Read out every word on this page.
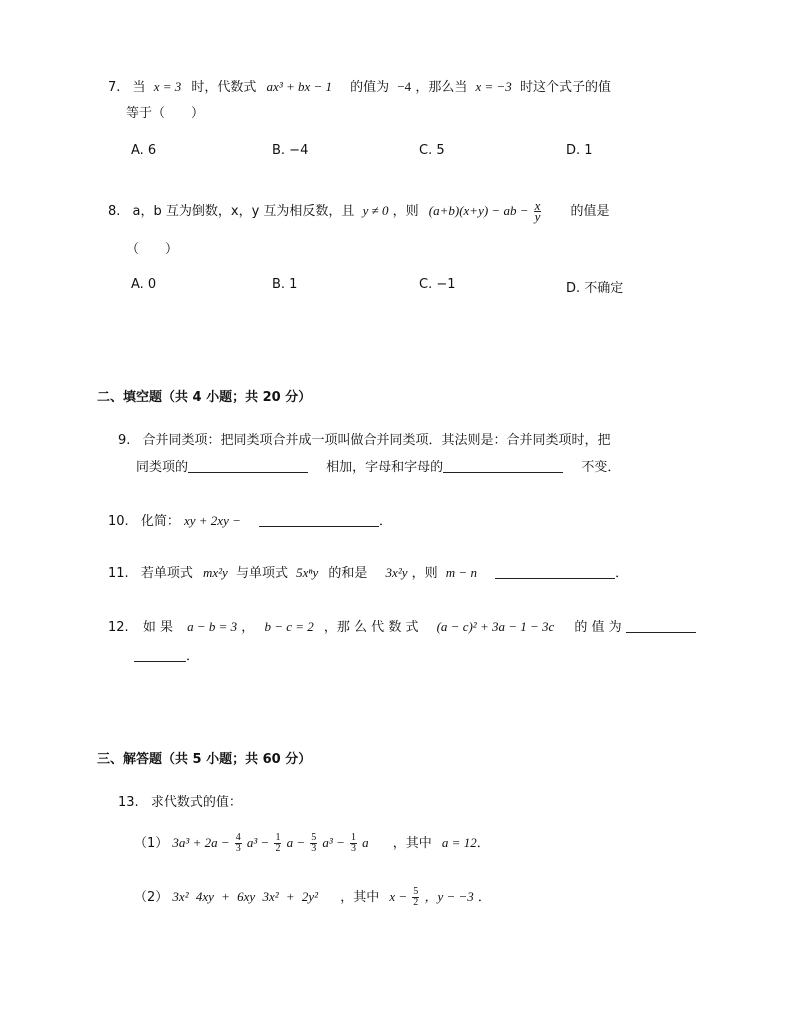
7. 当 x = 3 时，代数式 ax³ + bx − 1 的值为 −4 ，那么当 x = −3 时这个式子的值
等于（　　）
A. 6	B. −4	C. 5	D. 1
8. a，b 互为倒数，x，y 互为相反数，且 y ≠ 0 ，则 (a+b)(x+y) − ab − $\frac{x}{y}$ 的值是
（　　）
A. 0	B. 1	C. −1	D. 不确定
二、填空题（共 4 小题；共 20 分）
9. 合并同类项：把同类项合并成一项叫做合并同类项．其法则是：合并同类项时，把
同类项的	相加，字母和字母的	不变．
10. 化简： xy + 2xy −	．
11. 若单项式 mx²y 与单项式 5xⁿy 的和是 3x²y ，则 m − n	．
12. 如 果 a − b = 3 ， b − c = 2 ，那 么 代 数 式 (a − c)² + 3a − 1 − 3c 的 值 为
．
三、解答题（共 5 小题；共 60 分）
13. 求代数式的值：
（1） $3a^3 + 2a - \frac{4}{3} a^3 - \frac{1}{2}$ $a - \frac{5}{3} a^3 - \frac{1}{3}$ a ，其中 a = 12．
（2） 3x² 4xy + 6xy 3x² + 2y² ，其中 $x - \frac{5}{2}$ ，y − −3 ．
